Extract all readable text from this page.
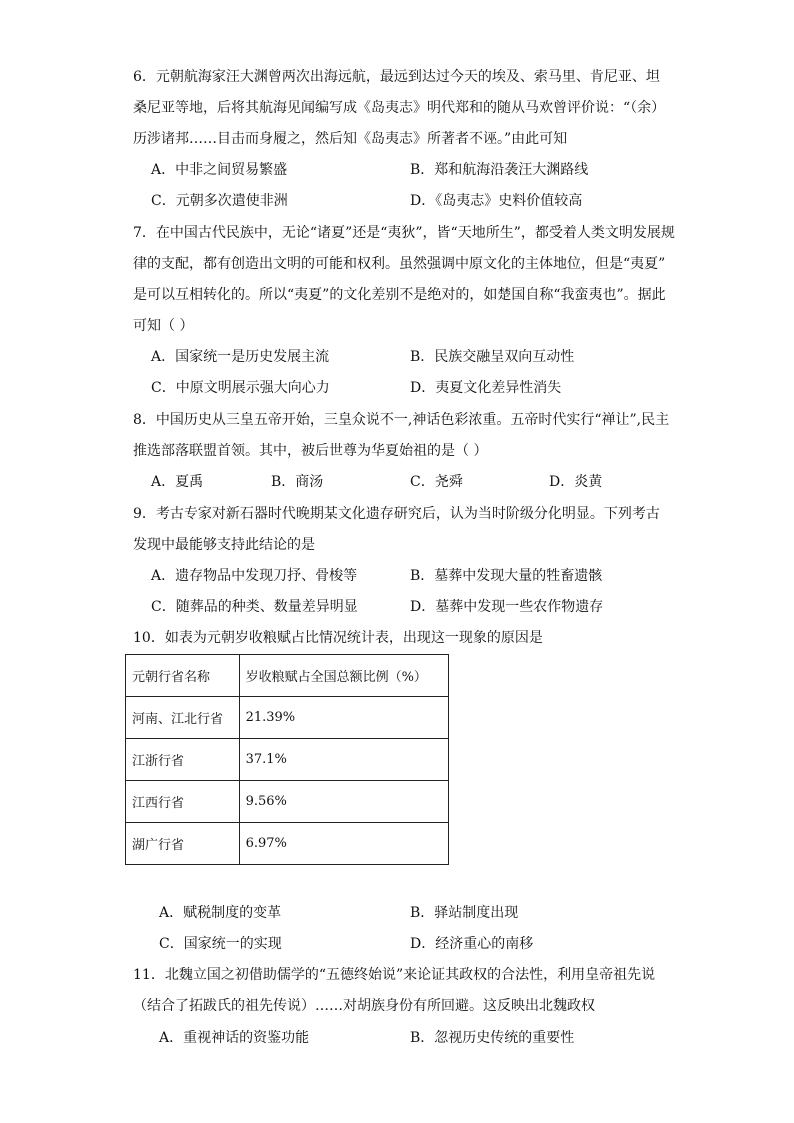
6．元朝航海家汪大渊曾两次出海远航，最远到达过今天的埃及、索马里、肯尼亚、坦
桑尼亚等地，后将其航海见闻编写成《岛夷志》明代郑和的随从马欢曾评价说：“（余）
历涉诸邦……目击而身履之，然后知《岛夷志》所著者不诬。”由此可知
A．中非之间贸易繁盛	B．郑和航海沿袭汪大渊路线
C．元朝多次遣使非洲	D．《岛夷志》史料价值较高
7．在中国古代民族中，无论“诸夏”还是“夷狄”，皆“天地所生”，都受着人类文明发展规
律的支配，都有创造出文明的可能和权利。虽然强调中原文化的主体地位，但是“夷夏”
是可以互相转化的。所以“夷夏”的文化差别不是绝对的，如楚国自称“我蛮夷也”。据此
可知（ ）
A．国家统一是历史发展主流	B．民族交融呈双向互动性
C．中原文明展示强大向心力	D．夷夏文化差异性消失
8．中国历史从三皇五帝开始，三皇众说不一,神话色彩浓重。五帝时代实行“禅让”,民主
推选部落联盟首领。其中，被后世尊为华夏始祖的是（ ）
A．夏禹	B．商汤	C．尧舜	D．炎黄
9．考古专家对新石器时代晚期某文化遗存研究后，认为当时阶级分化明显。下列考古
发现中最能够支持此结论的是
A．遗存物品中发现刀抒、骨梭等	B．墓葬中发现大量的牲畜遗骸
C．随葬品的种类、数量差异明显	D．墓葬中发现一些农作物遗存
10．如表为元朝岁收粮赋占比情况统计表，出现这一现象的原因是
元朝行省名称	岁收粮赋占全国总额比例（%）
河南、江北行省	21.39%
江浙行省	37.1%
江西行省	9.56%
湖广行省	6.97%
A．赋税制度的变革	B．驿站制度出现
C．国家统一的实现	D．经济重心的南移
11．北魏立国之初借助儒学的“五德终始说”来论证其政权的合法性，利用皇帝祖先说
（结合了拓跋氏的祖先传说）……对胡族身份有所回避。这反映出北魏政权
A．重视神话的资鉴功能	B．忽视历史传统的重要性
